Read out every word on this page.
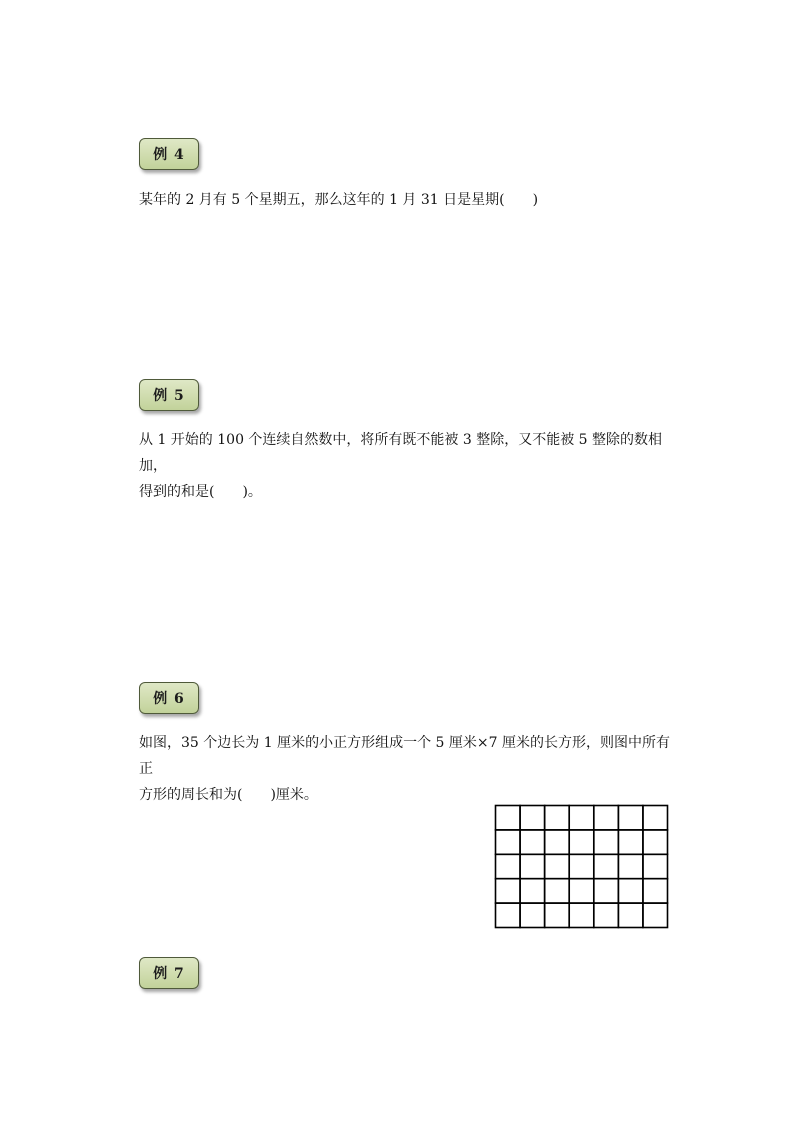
例 4
某年的 2 月有 5 个星期五，那么这年的 1 月 31 日是星期(　　)
例 5
从 1 开始的 100 个连续自然数中，将所有既不能被 3 整除，又不能被 5 整除的数相加，
得到的和是(　　)。
例 6
如图，35 个边长为 1 厘米的小正方形组成一个 5 厘米×7 厘米的长方形，则图中所有正
方形的周长和为(　　)厘米。
例 7
